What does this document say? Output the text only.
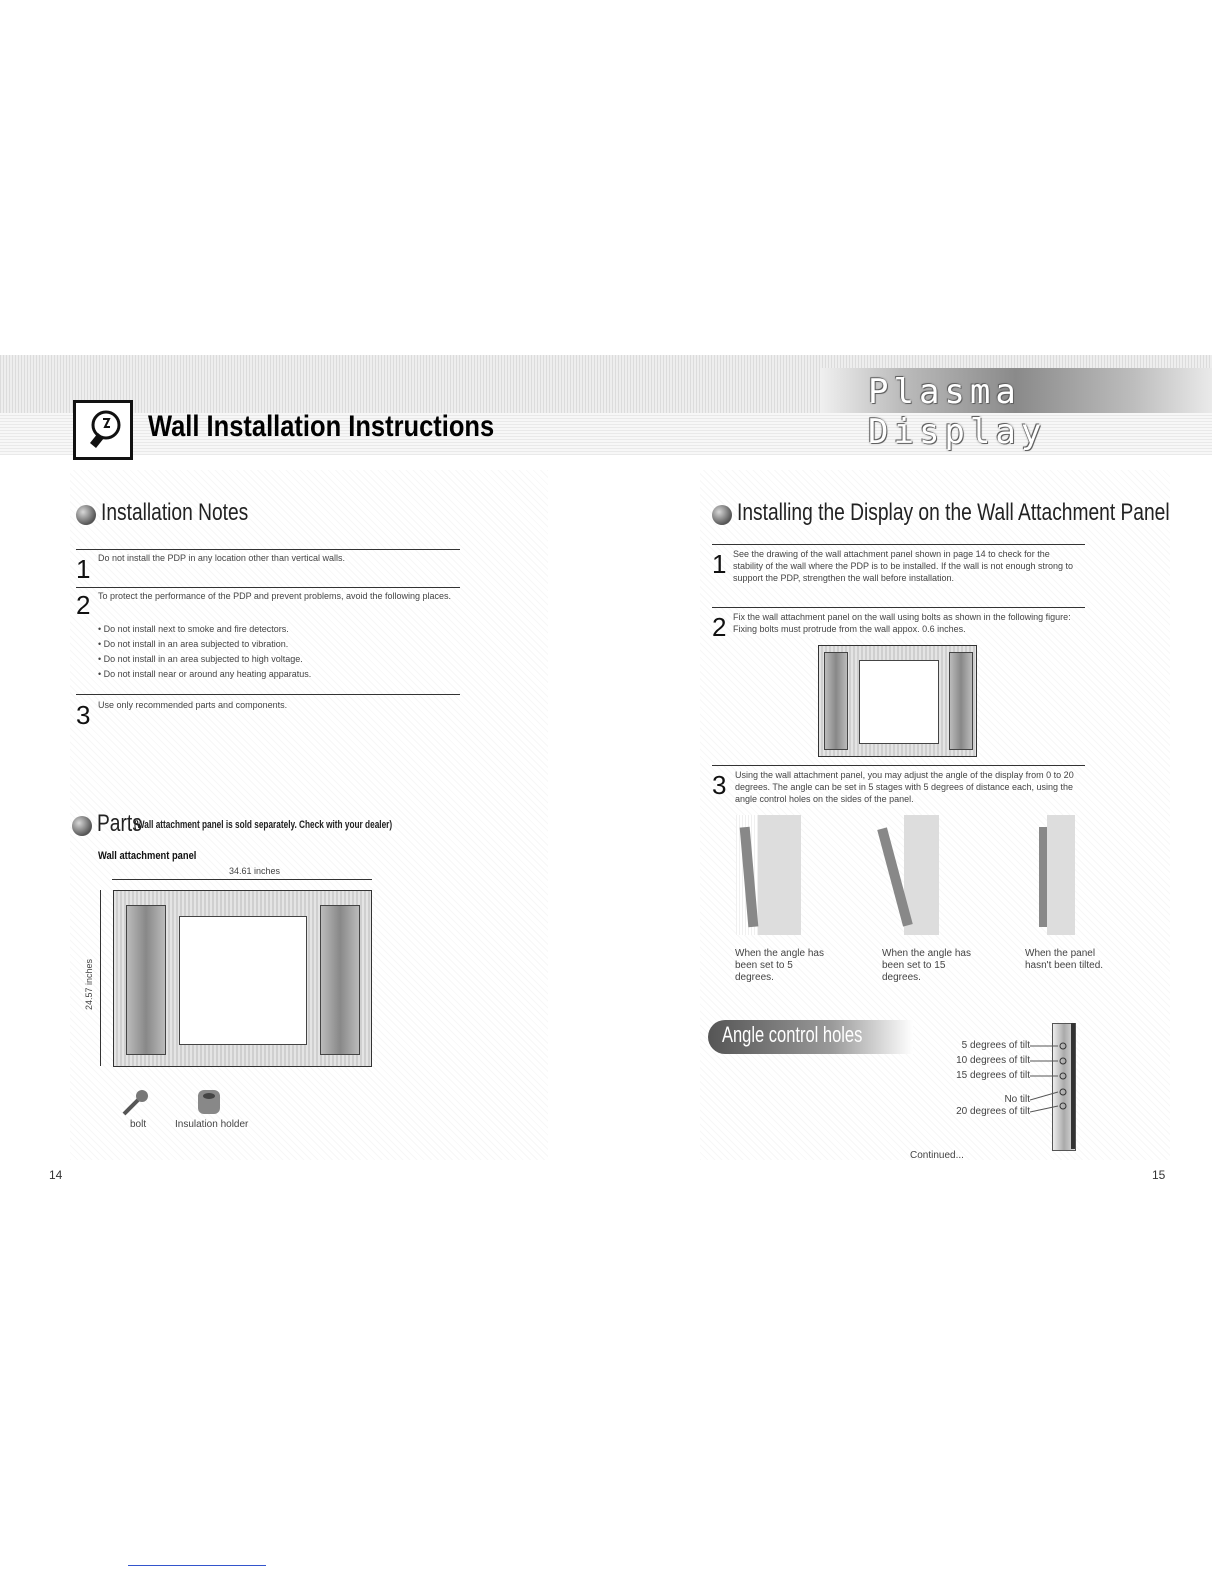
Plasma Display
Wall Installation Instructions
Installation Notes
1 Do not install the PDP in any location other than vertical walls.
2 To protect the performance of the PDP and prevent problems, avoid the following places.
• Do not install next to smoke and fire detectors.
• Do not install in an area subjected to vibration.
• Do not install in an area subjected to high voltage.
• Do not install near or around any heating apparatus.
3 Use only recommended parts and components.
Parts
(Wall attachment panel is sold separately. Check with your dealer)
Wall attachment panel
34.61 inches
24.57 inches
bolt	Insulation holder
14
Installing the Display on the Wall Attachment Panel
1 See the drawing of the wall attachment panel shown in page 14 to check for the stability of the wall where the PDP is to be installed. If the wall is not enough strong to support the PDP, strengthen the wall before installation.
2 Fix the wall attachment panel on the wall using bolts as shown in the following figure: Fixing bolts must protrude from the wall appox. 0.6 inches.
3 Using the wall attachment panel, you may adjust the angle of the display from 0 to 20 degrees. The angle can be set in 5 stages with 5 degrees of distance each, using the angle control holes on the sides of the panel.
When the angle has been set to 5 degrees.
When the angle has been set to 15 degrees.
When the panel hasn't been tilted.
Angle control holes	5 degrees of tilt
10 degrees of tilt
15 degrees of tilt
No tilt
20 degrees of tilt
Continued...
15
